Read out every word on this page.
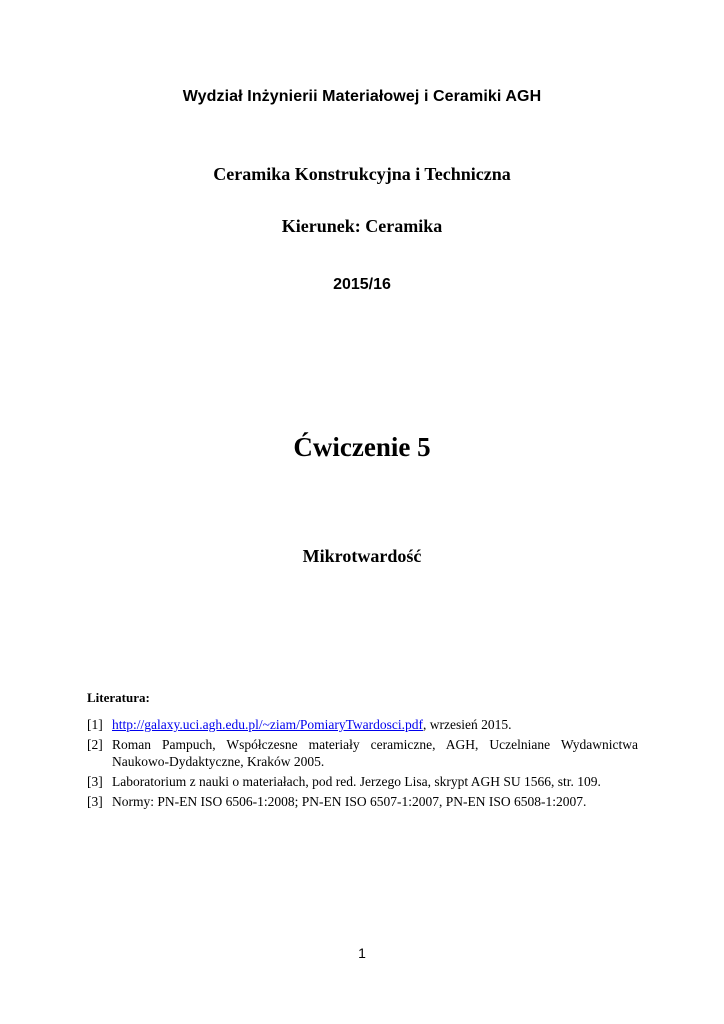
Wydział Inżynierii Materiałowej i Ceramiki AGH
Ceramika Konstrukcyjna i Techniczna
Kierunek: Ceramika
2015/16
Ćwiczenie 5
Mikrotwardość
Literatura:
[1] http://galaxy.uci.agh.edu.pl/~ziam/PomiaryTwardosci.pdf, wrzesień 2015.
[2] Roman Pampuch, Współczesne materiały ceramiczne, AGH, Uczelniane Wydawnictwa Naukowo-Dydaktyczne, Kraków 2005.
[3] Laboratorium z nauki o materiałach, pod red. Jerzego Lisa, skrypt AGH SU 1566, str. 109.
[3] Normy: PN-EN ISO 6506-1:2008; PN-EN ISO 6507-1:2007, PN-EN ISO 6508-1:2007.
1
